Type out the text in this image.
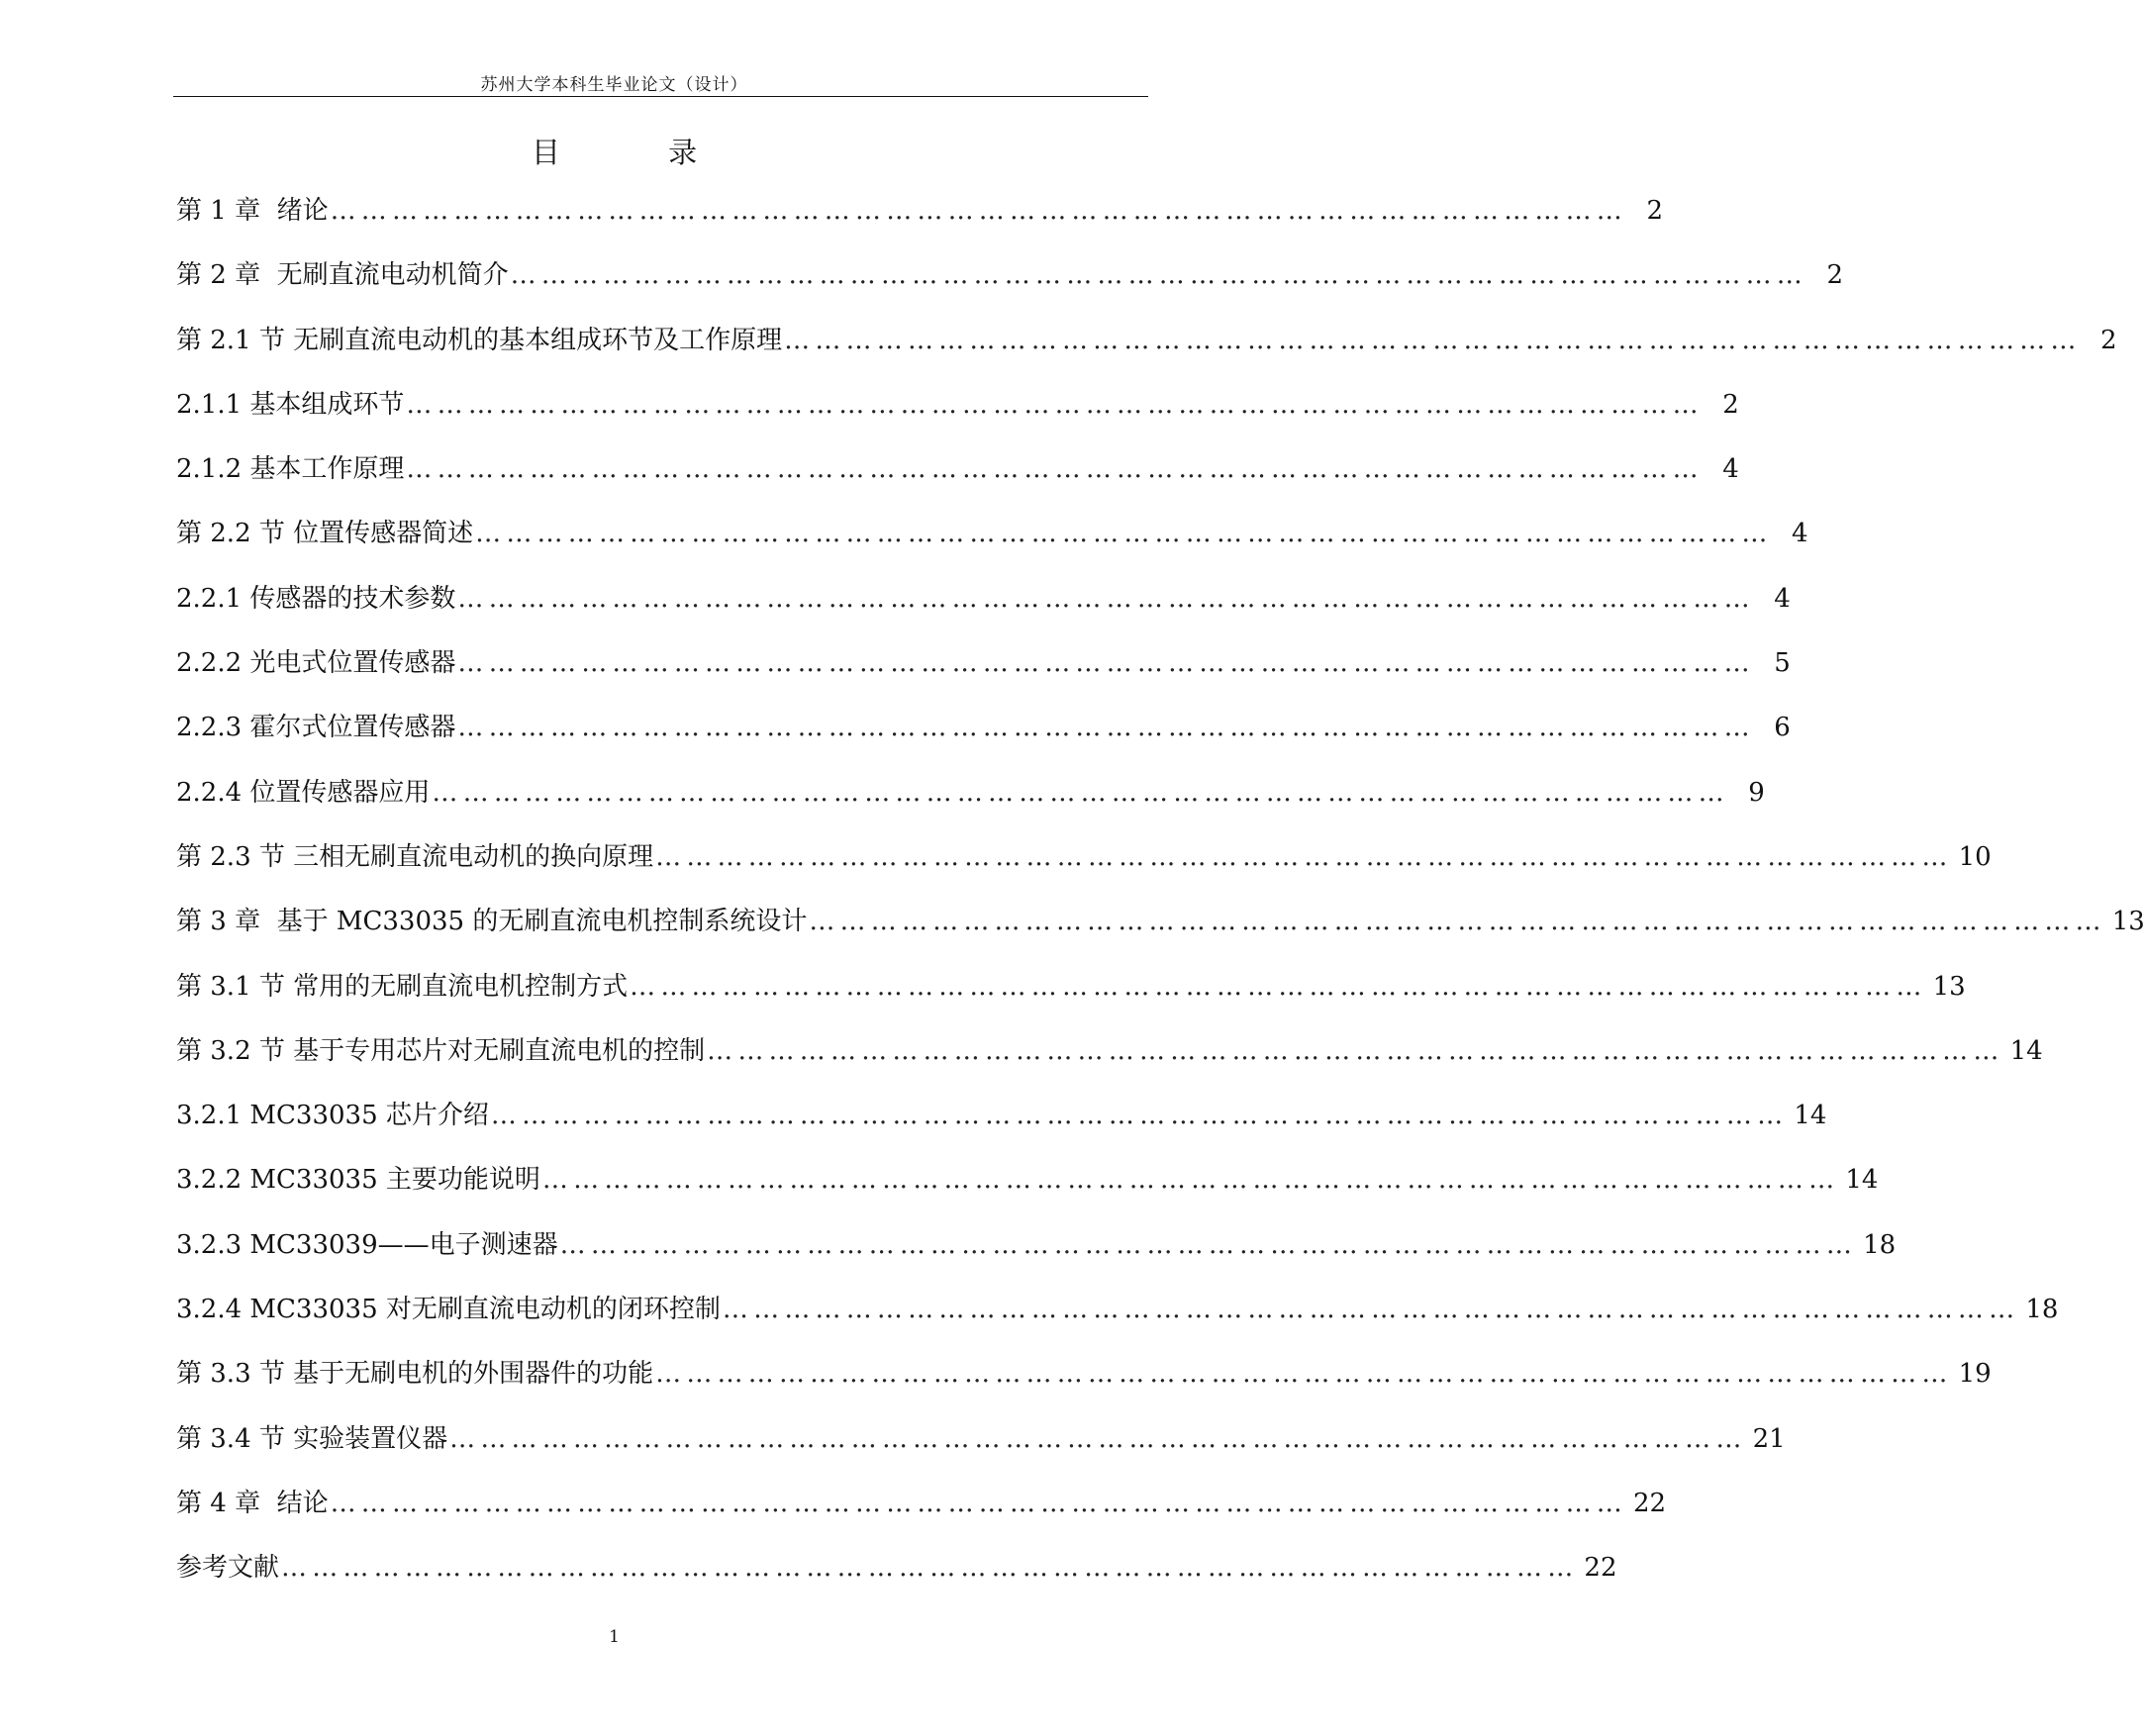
苏州大学本科生毕业论文（设计）
目 录
第 1 章  绪论 ……………………………………………………………………………………………………………… 2
第 2 章  无刷直流电动机简介 ……………………………………………………………………………………………………………… 2
第 2.1 节 无刷直流电动机的基本组成环节及工作原理 ……………………………………………………………………………………………………………… 2
2.1.1 基本组成环节 ……………………………………………………………………………………………………………… 2
2.1.2 基本工作原理 ……………………………………………………………………………………………………………… 4
第 2.2 节 位置传感器简述 ……………………………………………………………………………………………………………… 4
2.2.1 传感器的技术参数 ……………………………………………………………………………………………………………… 4
2.2.2 光电式位置传感器 ……………………………………………………………………………………………………………… 5
2.2.3 霍尔式位置传感器 ……………………………………………………………………………………………………………… 6
2.2.4 位置传感器应用 ……………………………………………………………………………………………………………… 9
第 2.3 节 三相无刷直流电动机的换向原理 ……………………………………………………………………………………………………………… 10
第 3 章  基于 MC33035 的无刷直流电机控制系统设计 ……………………………………………………………………………………………………………… 13
第 3.1 节 常用的无刷直流电机控制方式 ……………………………………………………………………………………………………………… 13
第 3.2 节 基于专用芯片对无刷直流电机的控制 ……………………………………………………………………………………………………………… 14
3.2.1 MC33035 芯片介绍 ……………………………………………………………………………………………………………… 14
3.2.2 MC33035 主要功能说明 ……………………………………………………………………………………………………………… 14
3.2.3 MC33039——电子测速器 ……………………………………………………………………………………………………………… 18
3.2.4 MC33035 对无刷直流电动机的闭环控制 ……………………………………………………………………………………………………………… 18
第 3.3 节 基于无刷电机的外围器件的功能 ……………………………………………………………………………………………………………… 19
第 3.4 节 实验装置仪器 ……………………………………………………………………………………………………………… 21
第 4 章  结论 ……………………………………………………………………………………………………………… 22
参考文献 ……………………………………………………………………………………………………………… 22
1
